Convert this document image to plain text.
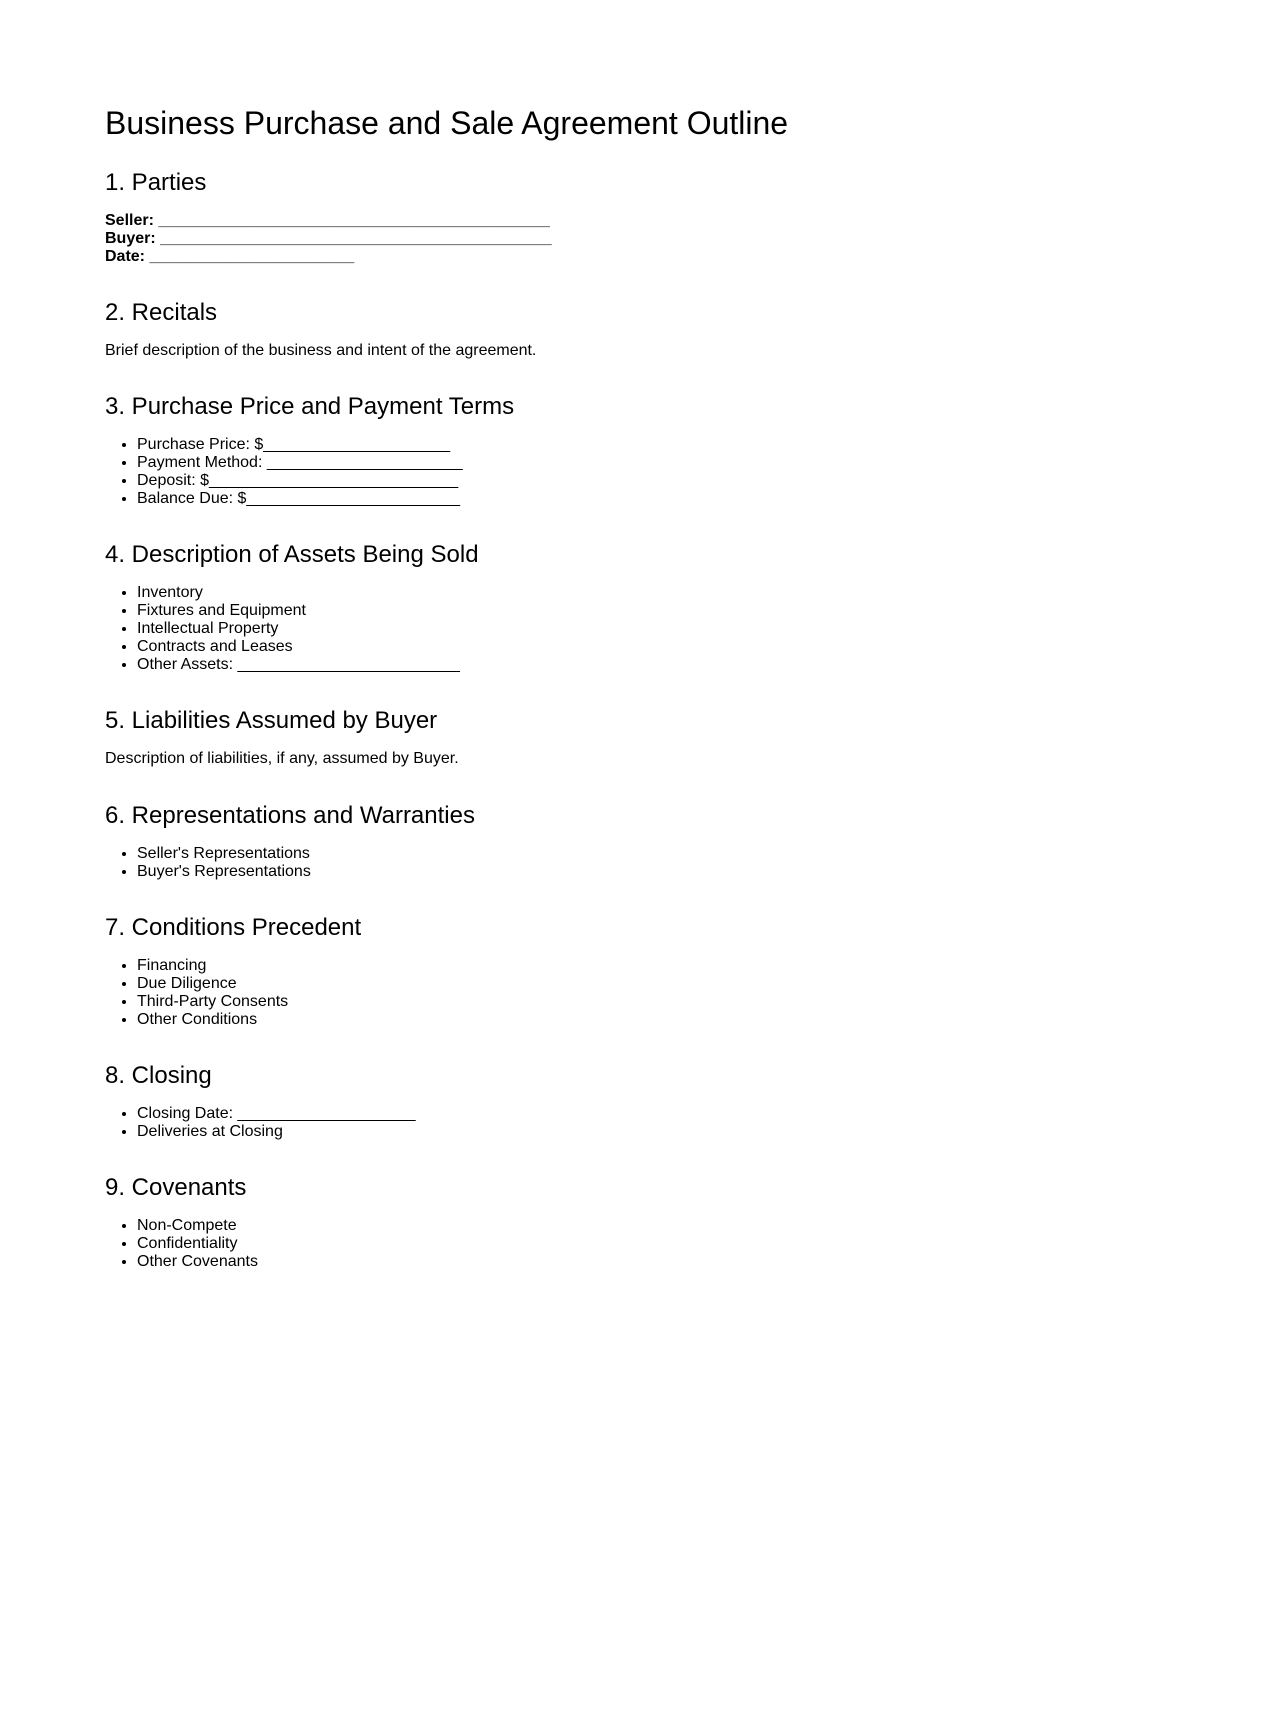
Business Purchase and Sale Agreement Outline
1. Parties
Seller: ____________________________________________
Buyer: ____________________________________________
Date: _______________________
2. Recitals

Brief description of the business and intent of the agreement.

3. Purchase Price and Payment Terms
• Purchase Price: $_____________________
• Payment Method: ______________________
• Deposit: $____________________________
• Balance Due: $________________________
4. Description of Assets Being Sold
• Inventory
• Fixtures and Equipment
• Intellectual Property
• Contracts and Leases
• Other Assets: _________________________
5. Liabilities Assumed by Buyer

Description of liabilities, if any, assumed by Buyer.

6. Representations and Warranties
• Seller's Representations
• Buyer's Representations
7. Conditions Precedent
• Financing
• Due Diligence
• Third-Party Consents
• Other Conditions
8. Closing
• Closing Date: ____________________
• Deliveries at Closing
9. Covenants
• Non-Compete
• Confidentiality
• Other Covenants
